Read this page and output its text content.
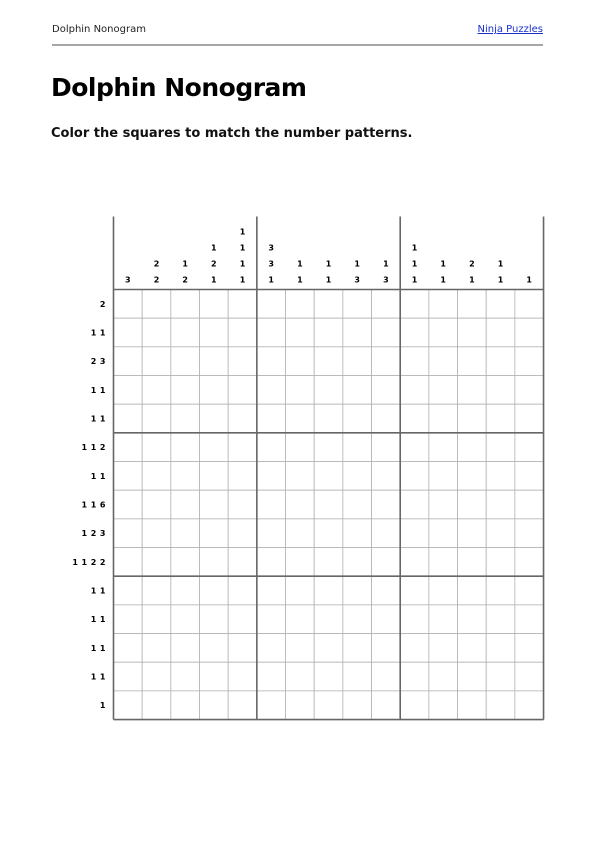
Dolphin Nonogram	Ninja Puzzles
Dolphin Nonogram

Color the squares to match the number patterns.

3
2
2
1
2
1
2
1
1
1
1
1
3
3
1
1
1
1
1
1
3
1
3
1
1
1
1
1
2
1
1
1	1
2
1 1
2 3
1 1
1 1
1 1 2
1 1
1 1 6
1 2 3
1 1 2 2
1 1
1 1
1 1
1 1
1
